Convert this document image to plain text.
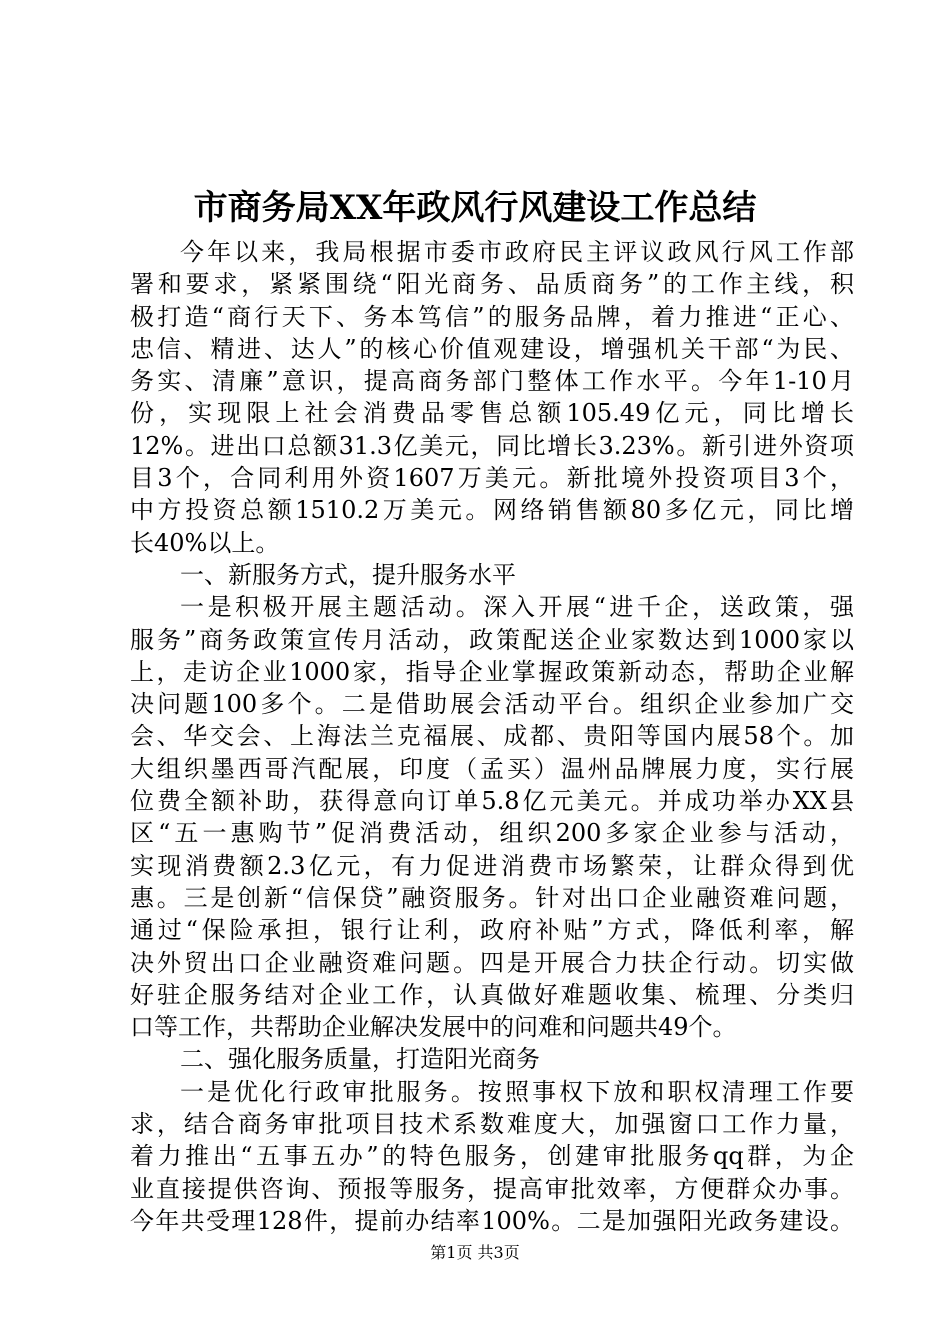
市商务局XX年政风行风建设工作总结
今年以来，我局根据市委市政府民主评议政风行风工作部
署和要求，紧紧围绕“阳光商务、品质商务”的工作主线，积
极打造“商行天下、务本笃信”的服务品牌，着力推进“正心、
忠信、精进、达人”的核心价值观建设，增强机关干部“为民、
务实、清廉”意识，提高商务部门整体工作水平。今年1-10月
份，实现限上社会消费品零售总额105.49亿元，同比增长
12%。进出口总额31.3亿美元，同比增长3.23%。新引进外资项
目3个，合同利用外资1607万美元。新批境外投资项目3个，
中方投资总额1510.2万美元。网络销售额80多亿元，同比增
长40%以上。
一、新服务方式，提升服务水平
一是积极开展主题活动。深入开展“进千企，送政策，强
服务”商务政策宣传月活动，政策配送企业家数达到1000家以
上，走访企业1000家，指导企业掌握政策新动态，帮助企业解
决问题100多个。二是借助展会活动平台。组织企业参加广交
会、华交会、上海法兰克福展、成都、贵阳等国内展58个。加
大组织墨西哥汽配展，印度（孟买）温州品牌展力度，实行展
位费全额补助，获得意向订单5.8亿元美元。并成功举办XX县
区“五一惠购节”促消费活动，组织200多家企业参与活动，
实现消费额2.3亿元，有力促进消费市场繁荣，让群众得到优
惠。三是创新“信保贷”融资服务。针对出口企业融资难问题，
通过“保险承担，银行让利，政府补贴”方式，降低利率，解
决外贸出口企业融资难问题。四是开展合力扶企行动。切实做
好驻企服务结对企业工作，认真做好难题收集、梳理、分类归
口等工作，共帮助企业解决发展中的问难和问题共49个。
二、强化服务质量，打造阳光商务
一是优化行政审批服务。按照事权下放和职权清理工作要
求，结合商务审批项目技术系数难度大，加强窗口工作力量，
着力推出“五事五办”的特色服务，创建审批服务qq群，为企
业直接提供咨询、预报等服务，提高审批效率，方便群众办事。
今年共受理128件，提前办结率100%。二是加强阳光政务建设。
第1页 共3页
